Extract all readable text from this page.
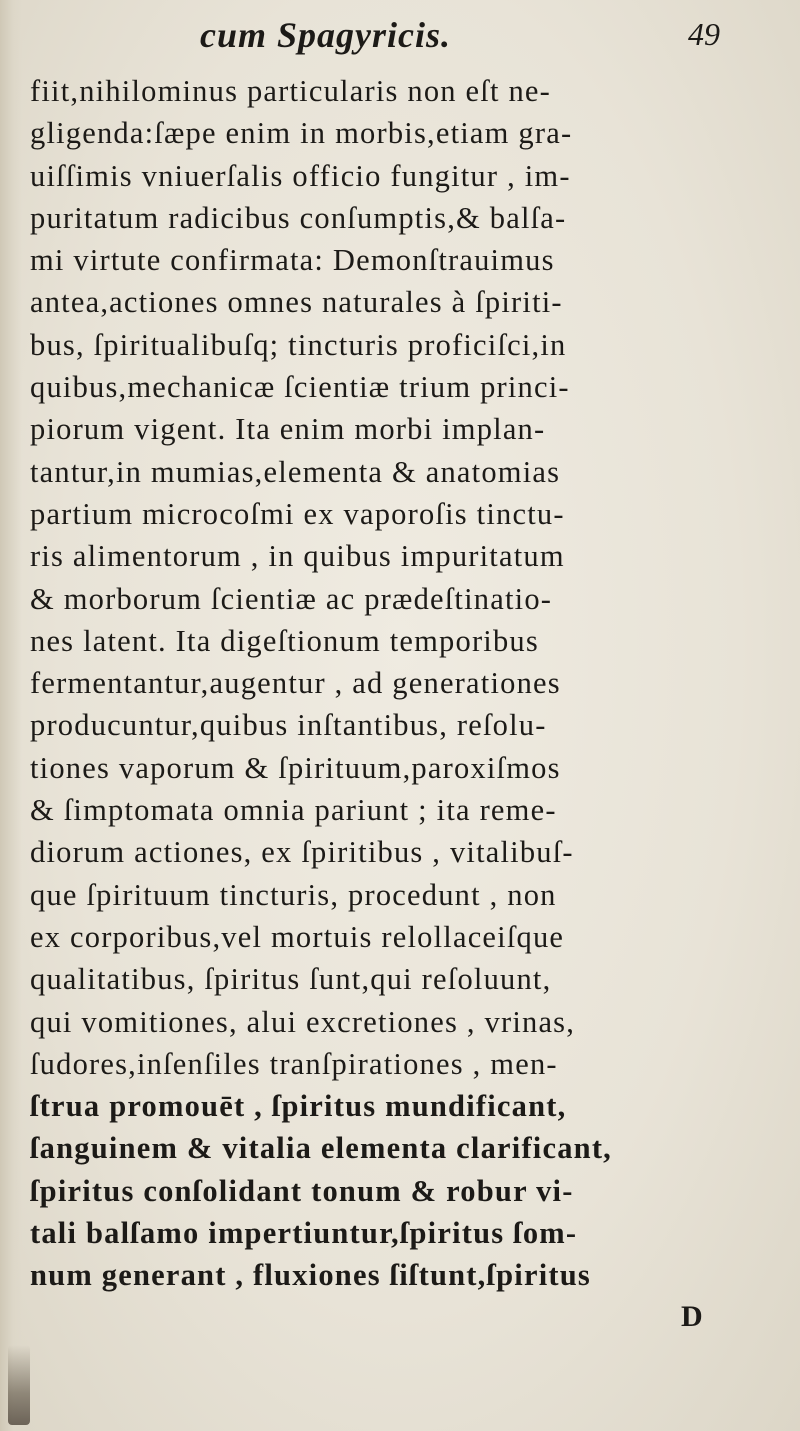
cum Spagyricis.	49
fiit,nihilominus particularis non eſt ne-
gligenda:ſæpe enim in morbis,etiam gra-
uiſſimis vniuerſalis officio fungitur , im-
puritatum radicibus conſumptis,& balſa-
mi virtute confirmata: Demonſtrauimus
antea,actiones omnes naturales à ſpiriti-
bus, ſpiritualibuſq; tincturis proficiſci,in
quibus,mechanicæ ſcientiæ trium princi-
piorum vigent. Ita enim morbi implan-
tantur,in mumias,elementa & anatomias
partium microcoſmi ex vaporoſis tinctu-
ris alimentorum , in quibus impuritatum
& morborum ſcientiæ ac prædeſtinatio-
nes latent. Ita digeſtionum temporibus
fermentantur,augentur , ad generationes
producuntur,quibus inſtantibus, reſolu-
tiones vaporum & ſpirituum,paroxiſmos
& ſimptomata omnia pariunt ; ita reme-
diorum actiones, ex ſpiritibus , vitalibuſ-
que ſpirituum tincturis, procedunt , non
ex corporibus,vel mortuis relollaceiſque
qualitatibus, ſpiritus ſunt,qui reſoluunt,
qui vomitiones, alui excretiones , vrinas,
ſudores,inſenſiles tranſpirationes , men-
ſtrua promouēt , ſpiritus mundificant,
ſanguinem & vitalia elementa clarificant,
ſpiritus conſolidant tonum & robur vi-
tali balſamo impertiuntur,ſpiritus ſom-
num generant , fluxiones ſiſtunt,ſpiritus
D
